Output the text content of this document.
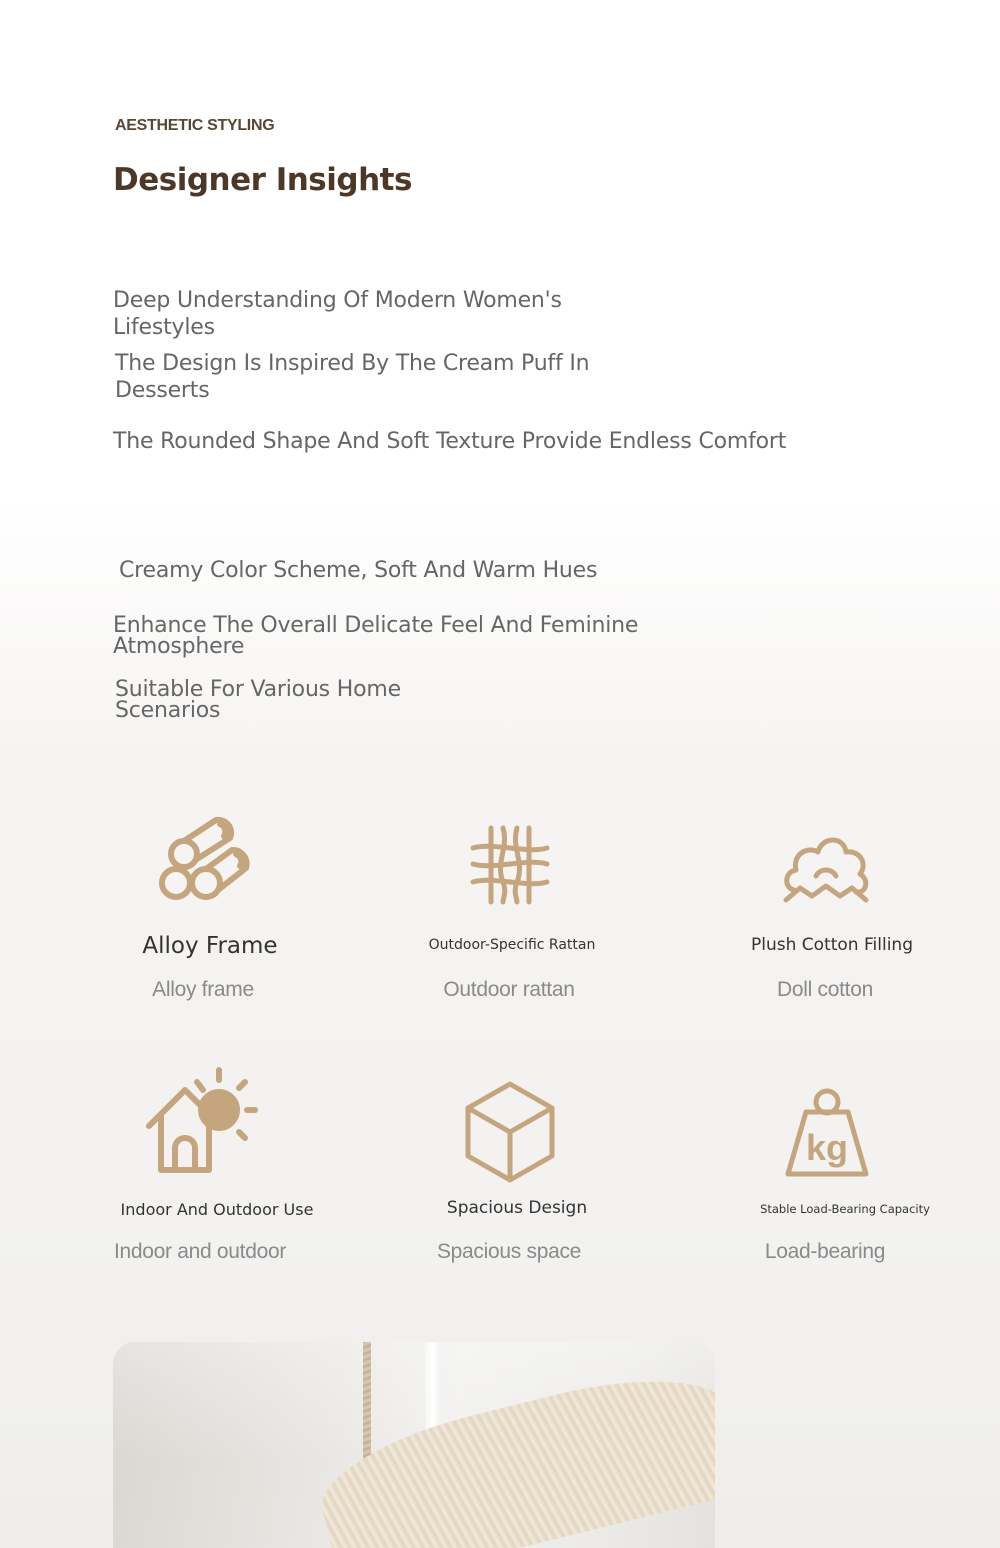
AESTHETIC STYLING
Designer Insights
Deep Understanding Of Modern Women's Lifestyles
The Design Is Inspired By The Cream Puff In Desserts
The Rounded Shape And Soft Texture Provide Endless Comfort
Creamy Color Scheme, Soft And Warm Hues
Enhance The Overall Delicate Feel And Feminine Atmosphere
Suitable For Various Home Scenarios
Alloy Frame
Alloy frame
Outdoor-Specific Rattan
Outdoor rattan
Plush Cotton Filling
Doll cotton
Indoor And Outdoor Use
Indoor and outdoor
Spacious Design
Spacious space
kg
Stable Load-Bearing Capacity
Load-bearing
